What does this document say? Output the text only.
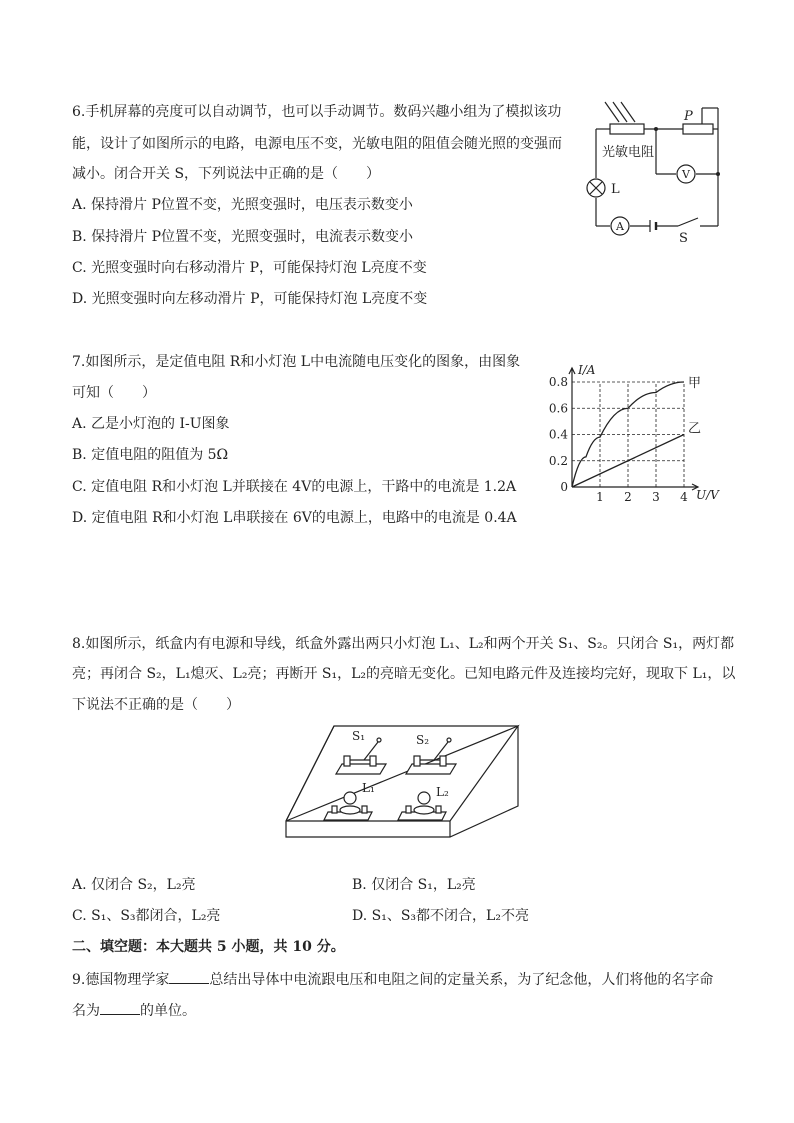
6.手机屏幕的亮度可以自动调节，也可以手动调节。数码兴趣小组为了模拟该功
能，设计了如图所示的电路，电源电压不变，光敏电阻的阻值会随光照的变强而
减小。闭合开关 S，下列说法中正确的是（　　）
A. 保持滑片 P位置不变，光照变强时，电压表示数变小
B. 保持滑片 P位置不变，光照变强时，电流表示数变小
C. 光照变强时向右移动滑片 P，可能保持灯泡 L亮度不变
D. 光照变强时向左移动滑片 P，可能保持灯泡 L亮度不变
V
A
光敏电阻
P
L
S
7.如图所示，是定值电阻 R和小灯泡 L中电流随电压变化的图象，由图象
可知（　　）
A. 乙是小灯泡的 I-U图象
B. 定值电阻的阻值为 5Ω
C. 定值电阻 R和小灯泡 L并联接在 4V的电源上，干路中的电流是 1.2A
D. 定值电阻 R和小灯泡 L串联接在 6V的电源上，电路中的电流是 0.4A
甲
乙
1 2 3 4
0.2
0.4
0.6
0.8
0
U/V
I/A
8.如图所示，纸盒内有电源和导线，纸盒外露出两只小灯泡 L₁、L₂和两个开关 S₁、S₂。只闭合 S₁，两灯都
亮；再闭合 S₂，L₁熄灭、L₂亮；再断开 S₁，L₂的亮暗无变化。已知电路元件及连接均完好，现取下 L₁，以
下说法不正确的是（　　）
S₁	S₂
L₁	L₂
A. 仅闭合 S₂，L₂亮	B. 仅闭合 S₁，L₂亮
C. S₁、S₃都闭合，L₂亮	D. S₁、S₃都不闭合，L₂不亮
二、填空题：本大题共 5 小题，共 10 分。
9.德国物理学家	总结出导体中电流跟电压和电阻之间的定量关系，为了纪念他，人们将他的名字命
名为	的单位。
